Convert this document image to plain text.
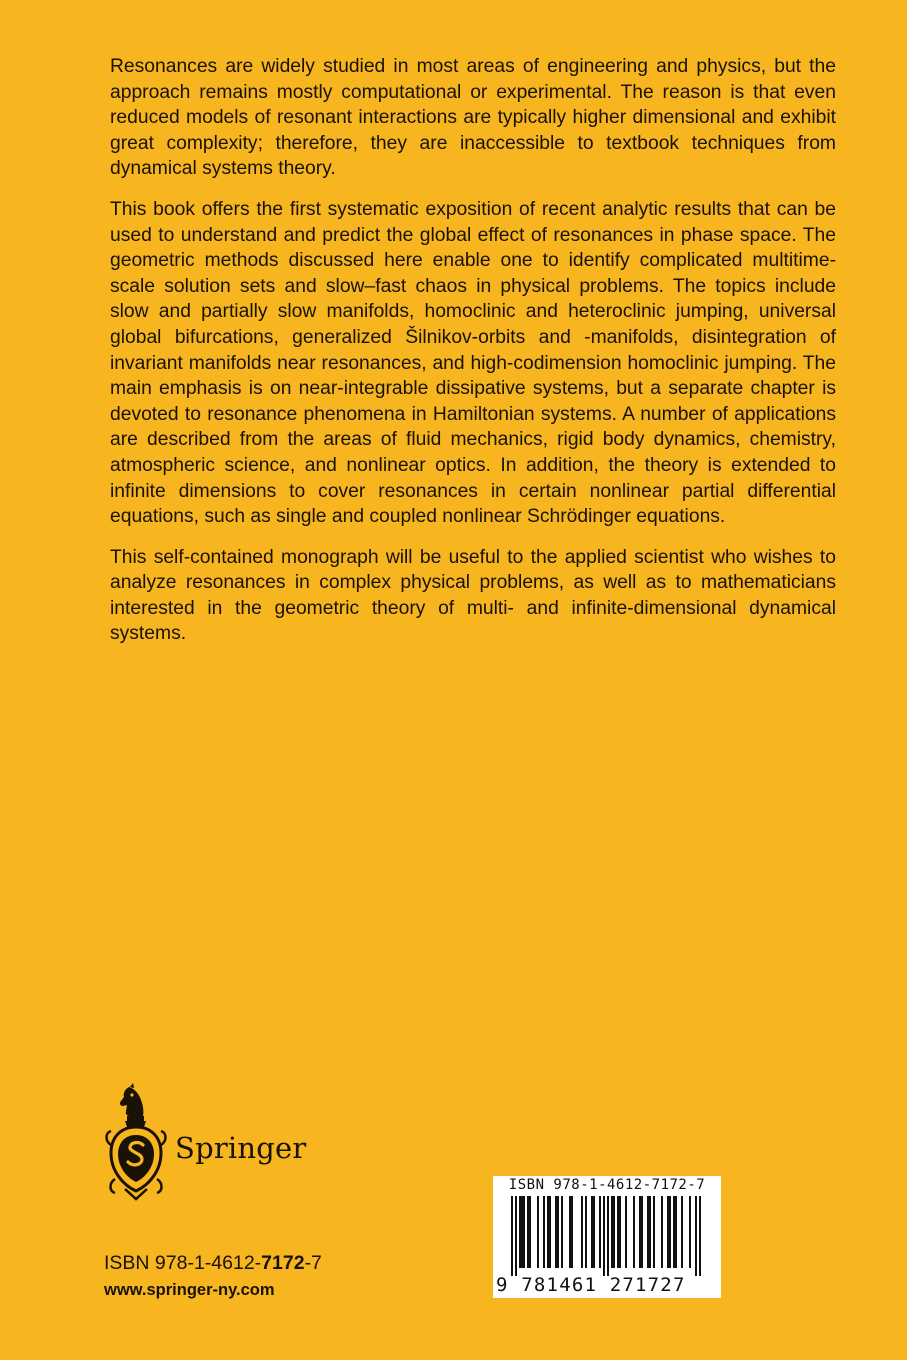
Resonances are widely studied in most areas of engineering and physics, but the approach remains mostly computational or experimental. The reason is that even reduced models of resonant interactions are typically higher dimensional and exhibit great complexity; therefore, they are inaccessible to textbook techniques from dynamical systems theory.

This book offers the first systematic exposition of recent analytic results that can be used to understand and predict the global effect of resonances in phase space. The geometric methods discussed here enable one to identify complicated multitime-scale solution sets and slow–fast chaos in physical problems. The topics include slow and partially slow manifolds, homoclinic and heteroclinic jumping, universal global bifurcations, generalized Šilnikov-orbits and -manifolds, disintegration of invariant manifolds near resonances, and high-codimension homoclinic jumping. The main emphasis is on near-integrable dissipative systems, but a separate chapter is devoted to resonance phenomena in Hamiltonian systems. A number of applications are described from the areas of fluid mechanics, rigid body dynamics, chemistry, atmospheric science, and nonlinear optics. In addition, the theory is extended to infinite dimensions to cover resonances in certain nonlinear partial differential equations, such as single and coupled nonlinear Schrödinger equations.

This self-contained monograph will be useful to the applied scientist who wishes to analyze resonances in complex physical problems, as well as to mathematicians interested in the geometric theory of multi- and infinite-dimensional dynamical systems.

Springer
ISBN 978-1-4612-7172-7
www.springer-ny.com
ISBN 978-1-4612-7172-7
9 781461 271727
